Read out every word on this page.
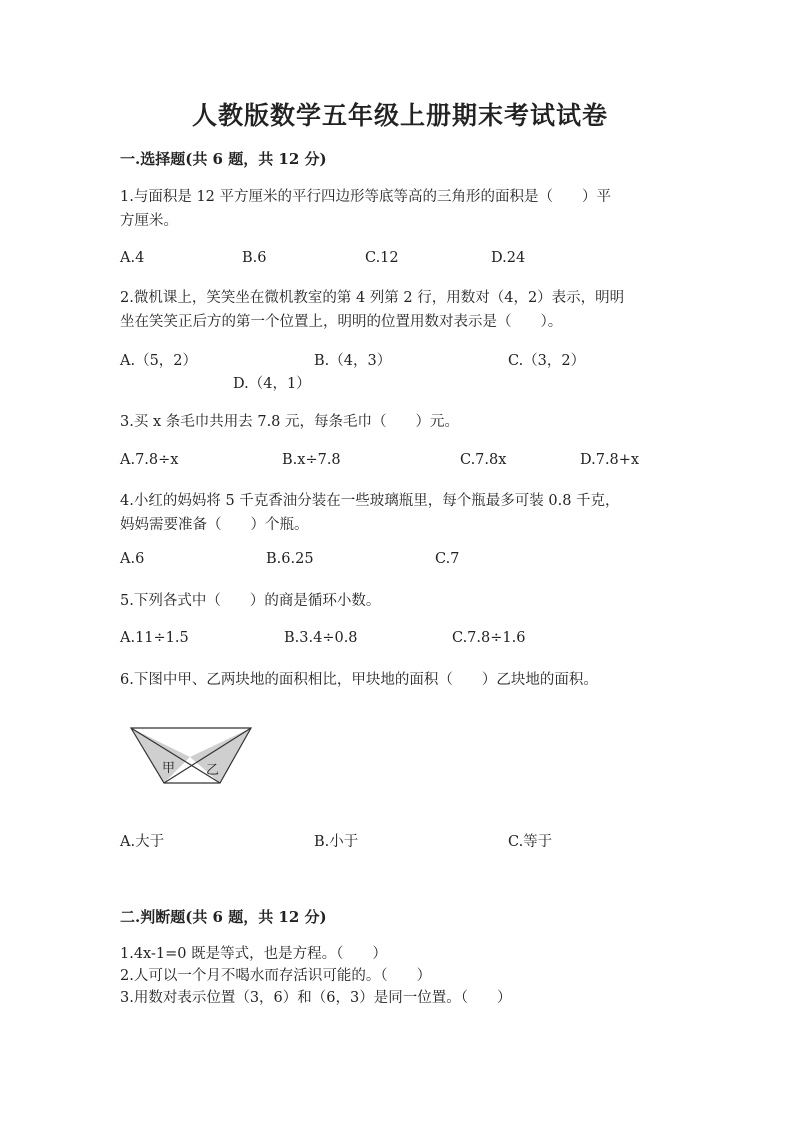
人教版数学五年级上册期末考试试卷
一.选择题(共 6 题，共 12 分)
1.与面积是 12 平方厘米的平行四边形等底等高的三角形的面积是（　　）平
方厘米。
A.4	B.6	C.12	D.24
2.微机课上，笑笑坐在微机教室的第 4 列第 2 行，用数对（4，2）表示，明明
坐在笑笑正后方的第一个位置上，明明的位置用数对表示是（　　）。
A.（5，2）	B.（4，3）	C.（3，2）
D.（4，1）
3.买 x 条毛巾共用去 7.8 元，每条毛巾（　　）元。
A.7.8÷x	B.x÷7.8	C.7.8x	D.7.8+x
4.小红的妈妈将 5 千克香油分装在一些玻璃瓶里，每个瓶最多可装 0.8 千克，
妈妈需要准备（　　）个瓶。
A.6	B.6.25	C.7
5.下列各式中（　　）的商是循环小数。
A.11÷1.5	B.3.4÷0.8	C.7.8÷1.6
6.下图中甲、乙两块地的面积相比，甲块地的面积（　　）乙块地的面积。
甲 乙
A.大于	B.小于	C.等于
二.判断题(共 6 题，共 12 分)
1.4x-1=0 既是等式，也是方程。（　　）
2.人可以一个月不喝水而存活识可能的。（　　）
3.用数对表示位置（3，6）和（6，3）是同一位置。（　　）
